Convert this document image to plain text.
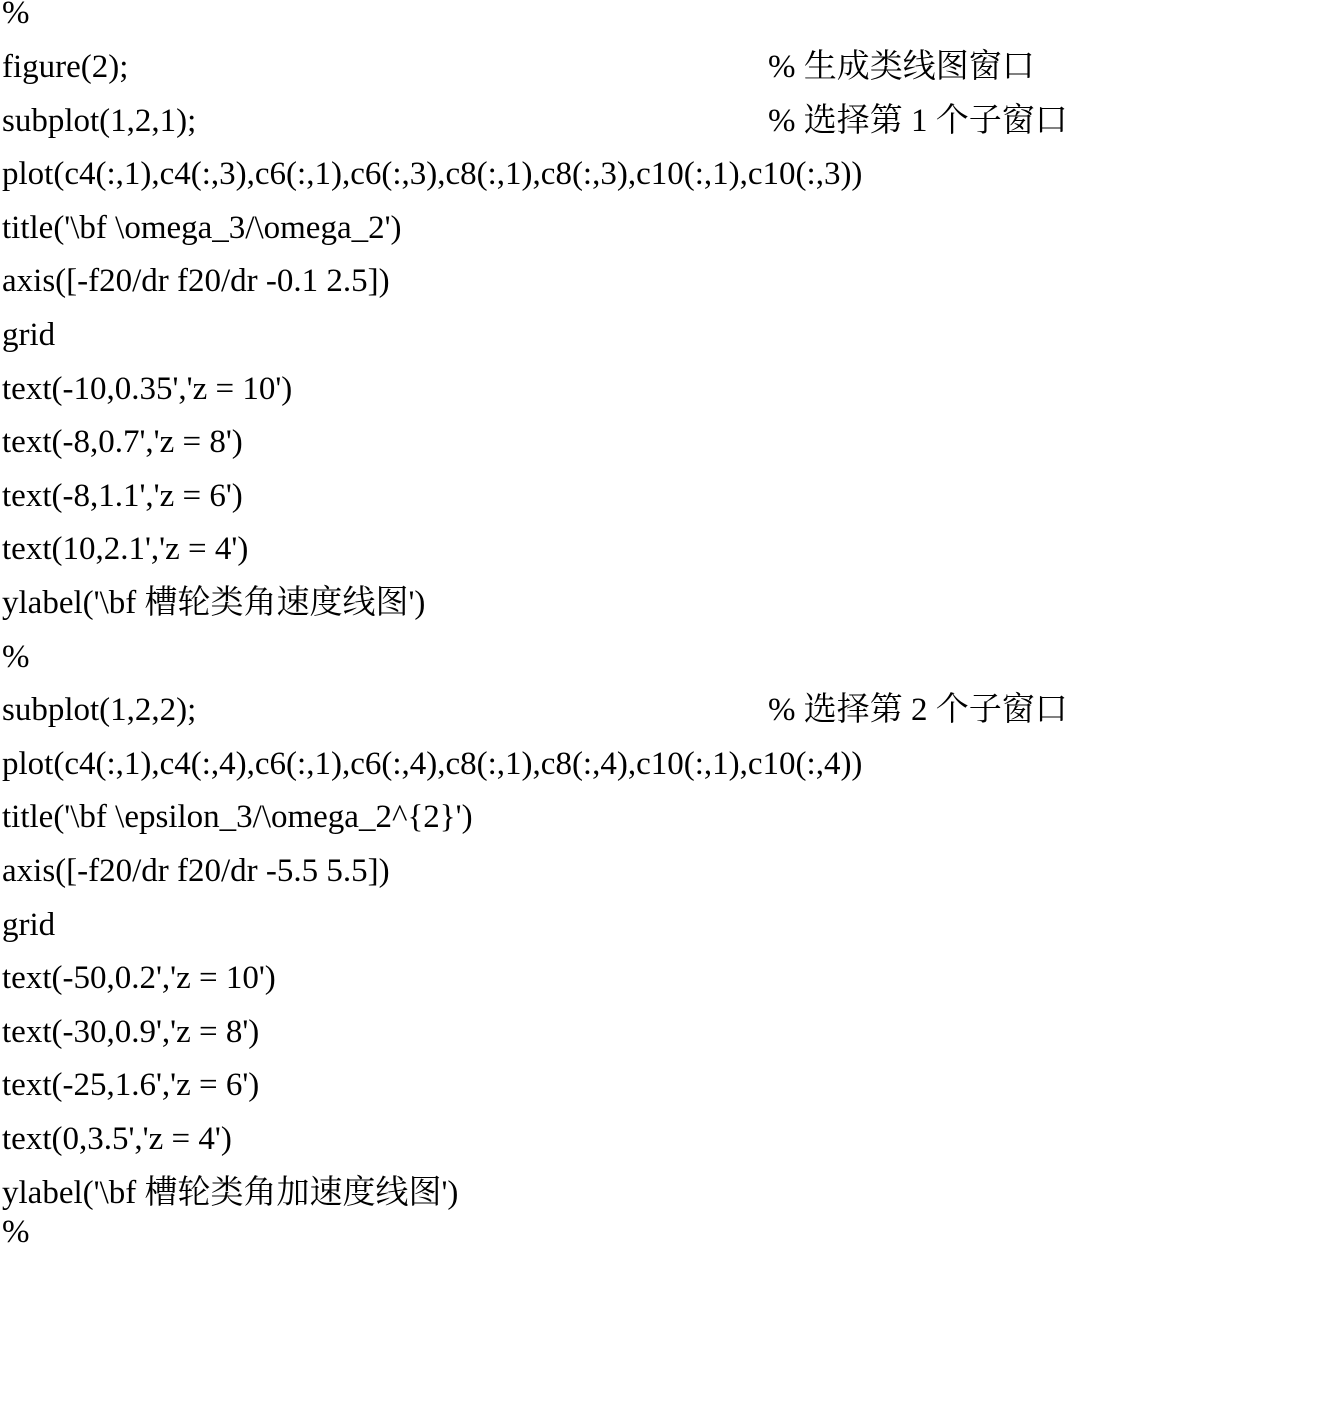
%

figure(2);

	% 生成类线图窗口

subplot(1,2,1);

	% 选择第 1 个子窗口

plot(c4(:,1),c4(:,3),c6(:,1),c6(:,3),c8(:,1),c8(:,3),c10(:,1),c10(:,3))

title('\bf \omega_3/\omega_2')

axis([-f20/dr f20/dr -0.1 2.5])

grid

text(-10,0.35','z = 10')

text(-8,0.7','z = 8')

text(-8,1.1','z = 6')

text(10,2.1','z = 4')

ylabel('\bf 槽轮类角速度线图')

%

subplot(1,2,2);

	% 选择第 2 个子窗口

plot(c4(:,1),c4(:,4),c6(:,1),c6(:,4),c8(:,1),c8(:,4),c10(:,1),c10(:,4))

title('\bf \epsilon_3/\omega_2^{2}')

axis([-f20/dr f20/dr -5.5 5.5])

grid

text(-50,0.2','z = 10')

text(-30,0.9','z = 8')

text(-25,1.6','z = 6')

text(0,3.5','z = 4')

ylabel('\bf 槽轮类角加速度线图')

%
